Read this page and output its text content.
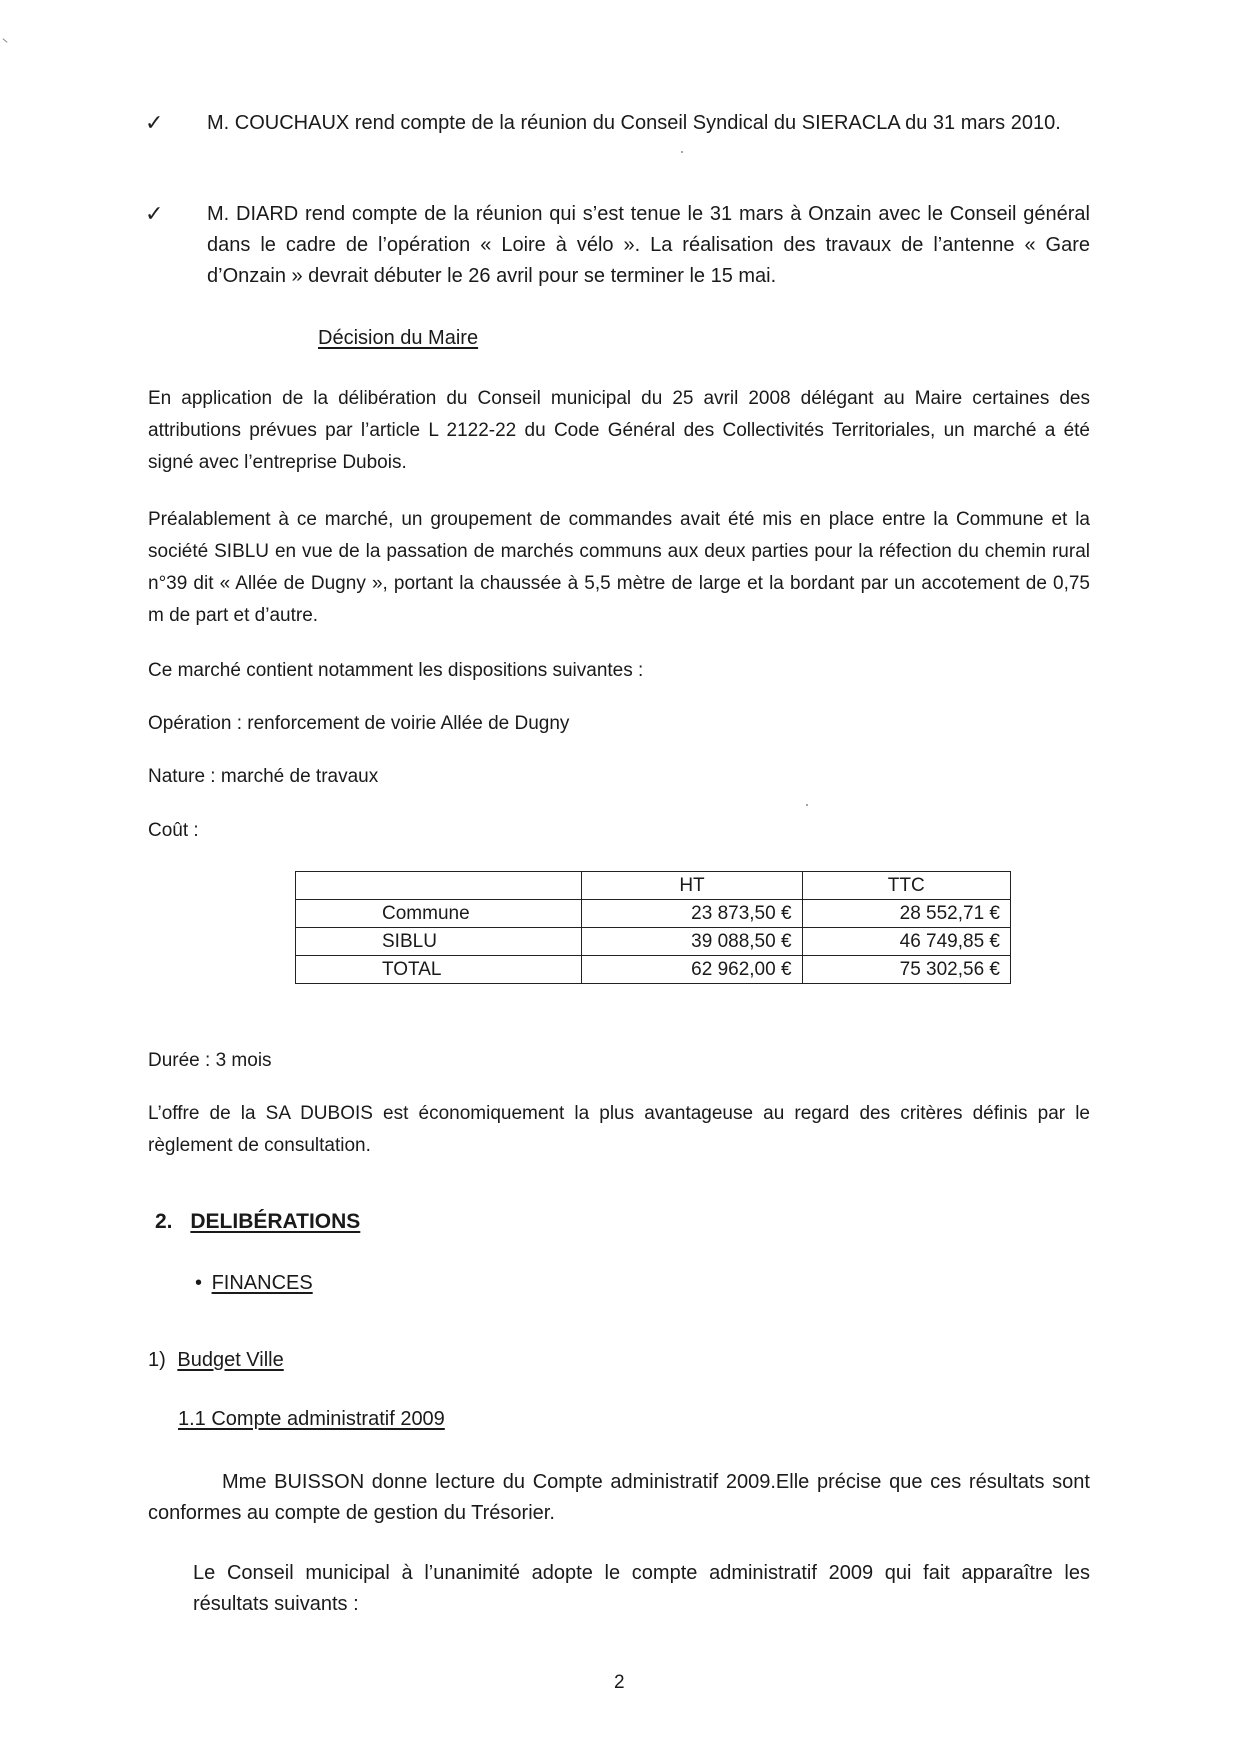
✓ M. COUCHAUX rend compte de la réunion du Conseil Syndical du SIERACLA du 31 mars 2010.
✓ M. DIARD rend compte de la réunion qui s’est tenue le 31 mars à Onzain avec le Conseil général dans le cadre de l’opération « Loire à vélo ». La réalisation des travaux de l’antenne « Gare d’Onzain » devrait débuter le 26 avril pour se terminer le 15 mai.
Décision du Maire
En application de la délibération du Conseil municipal du 25 avril 2008 délégant au Maire certaines des attributions prévues par l’article L 2122-22 du Code Général des Collectivités Territoriales, un marché a été signé avec l’entreprise Dubois.
Préalablement à ce marché, un groupement de commandes avait été mis en place entre la Commune et la société SIBLU en vue de la passation de marchés communs aux deux parties pour la réfection du chemin rural n°39 dit « Allée de Dugny », portant la chaussée à 5,5 mètre de large et la bordant par un accotement de 0,75 m de part et d’autre.
Ce marché contient notamment les dispositions suivantes :
Opération : renforcement de voirie Allée de Dugny
Nature : marché de travaux
Coût :
	HT	TTC
Commune	23 873,50 €	28 552,71 €
SIBLU	39 088,50 €	46 749,85 €
TOTAL	62 962,00 €	75 302,56 €
Durée : 3 mois
L’offre de la SA DUBOIS est économiquement la plus avantageuse au regard des critères définis par le règlement de consultation.
2. DELIBÉRATIONS
• FINANCES
1) Budget Ville
1.1 Compte administratif 2009
Mme BUISSON donne lecture du Compte administratif 2009.Elle précise que ces résultats sont conformes au compte de gestion du Trésorier.
Le Conseil municipal à l’unanimité adopte le compte administratif 2009 qui fait apparaître les résultats suivants :
2
